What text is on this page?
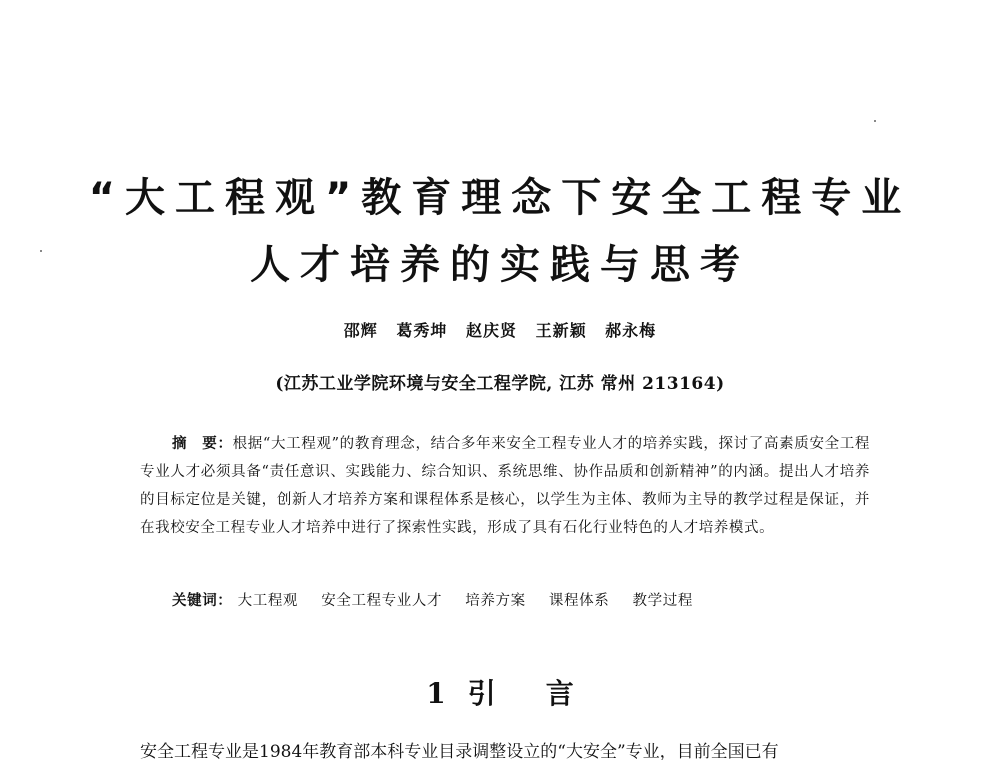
“大工程观”教育理念下安全工程专业
人才培养的实践与思考
邵辉 葛秀坤 赵庆贤 王新颖 郝永梅
(江苏工业学院环境与安全工程学院, 江苏 常州 213164)
摘　要：根据“大工程观”的教育理念，结合多年来安全工程专业人才的培养实践，探讨了高素质安全工程专业人才必须具备“责任意识、实践能力、综合知识、系统思维、协作品质和创新精神”的内涵。提出人才培养的目标定位是关键，创新人才培养方案和课程体系是核心，以学生为主体、教师为主导的教学过程是保证，并在我校安全工程专业人才培养中进行了探索性实践，形成了具有石化行业特色的人才培养模式。
关键词： 大工程观 安全工程专业人才 培养方案 课程体系 教学过程
1 引言
安全工程专业是1984年教育部本科专业目录调整设立的“大安全”专业，目前全国已有
